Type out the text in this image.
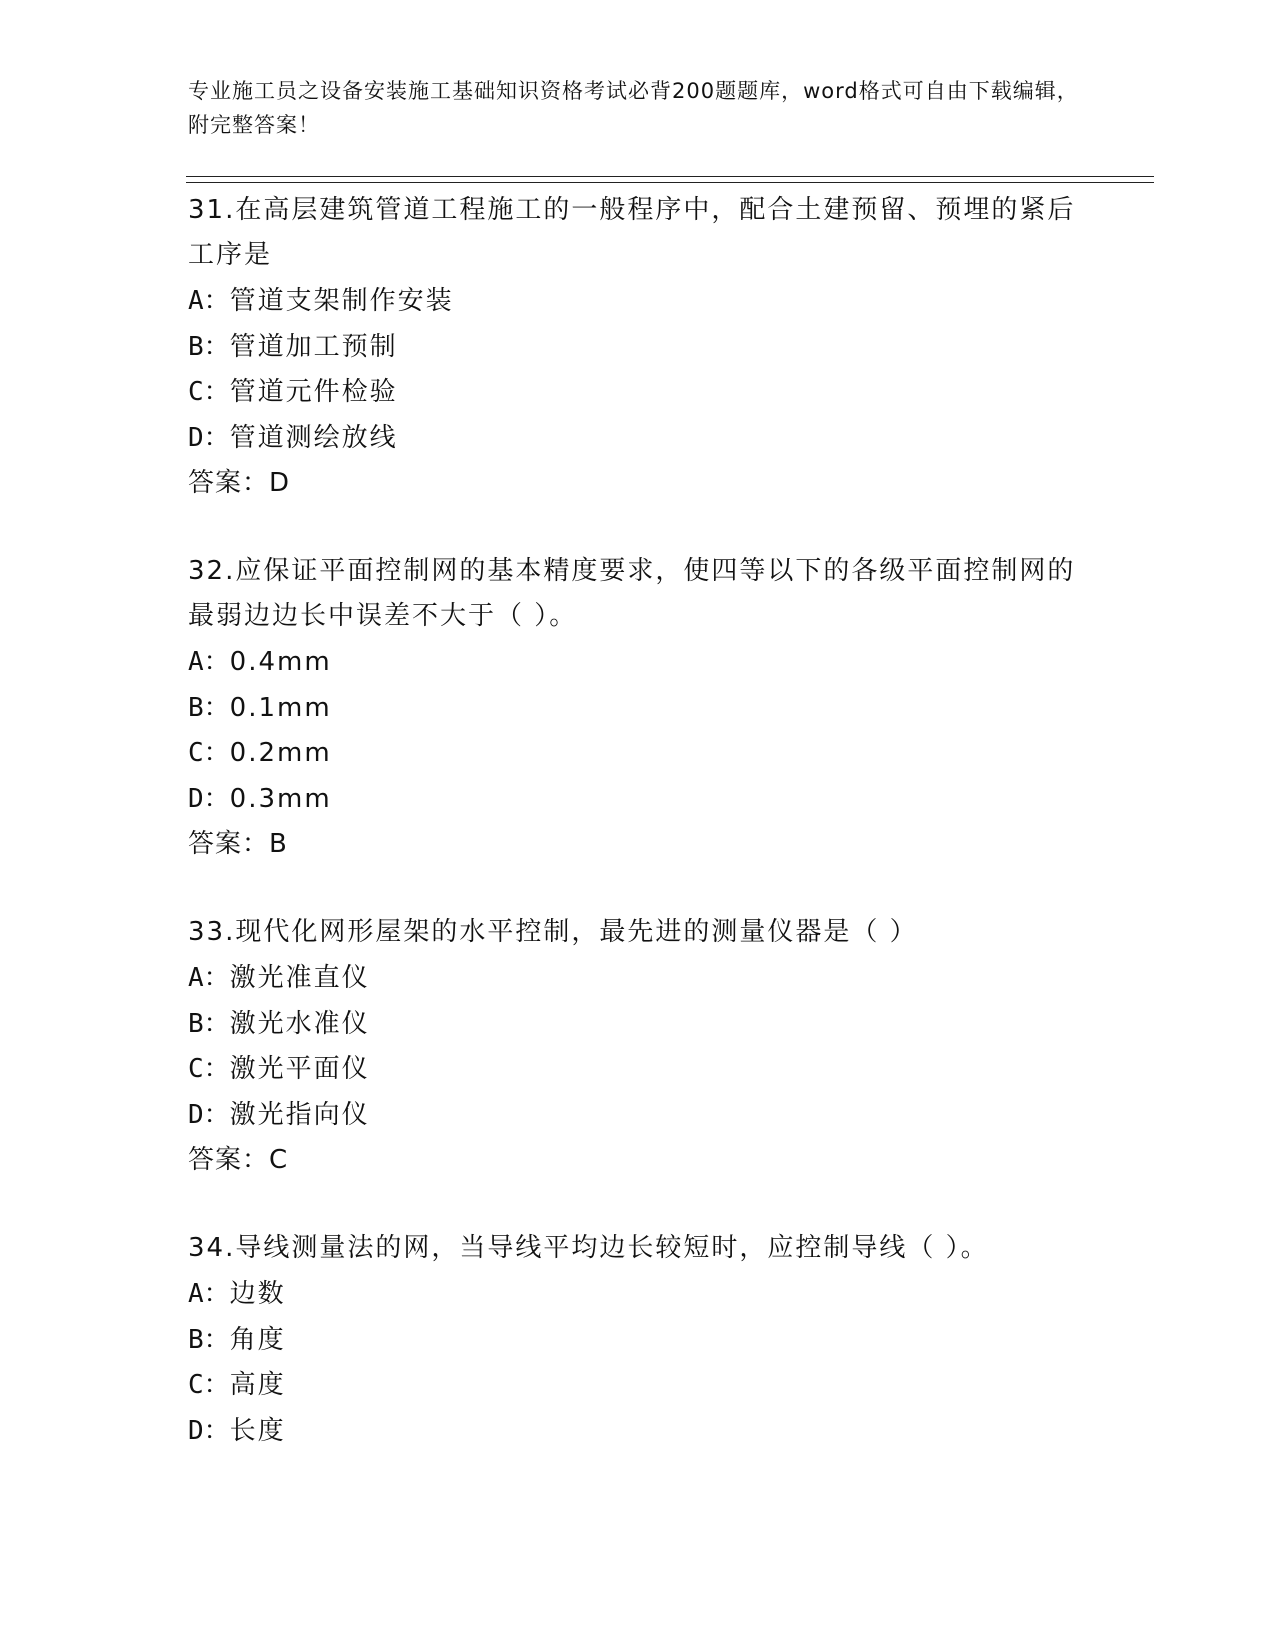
专业施工员之设备安装施工基础知识资格考试必背200题题库，word格式可自由下载编辑，附完整答案！
31.在高层建筑管道工程施工的一般程序中，配合土建预留、预埋的紧后工序是
A：管道支架制作安装
B：管道加工预制
C：管道元件检验
D：管道测绘放线
答案：D
32.应保证平面控制网的基本精度要求，使四等以下的各级平面控制网的最弱边边长中误差不大于（ ）。
A：0.4mm
B：0.1mm
C：0.2mm
D：0.3mm
答案：B
33.现代化网形屋架的水平控制，最先进的测量仪器是（ ）
A：激光准直仪
B：激光水准仪
C：激光平面仪
D：激光指向仪
答案：C
34.导线测量法的网，当导线平均边长较短时，应控制导线（ ）。
A：边数
B：角度
C：高度
D：长度
